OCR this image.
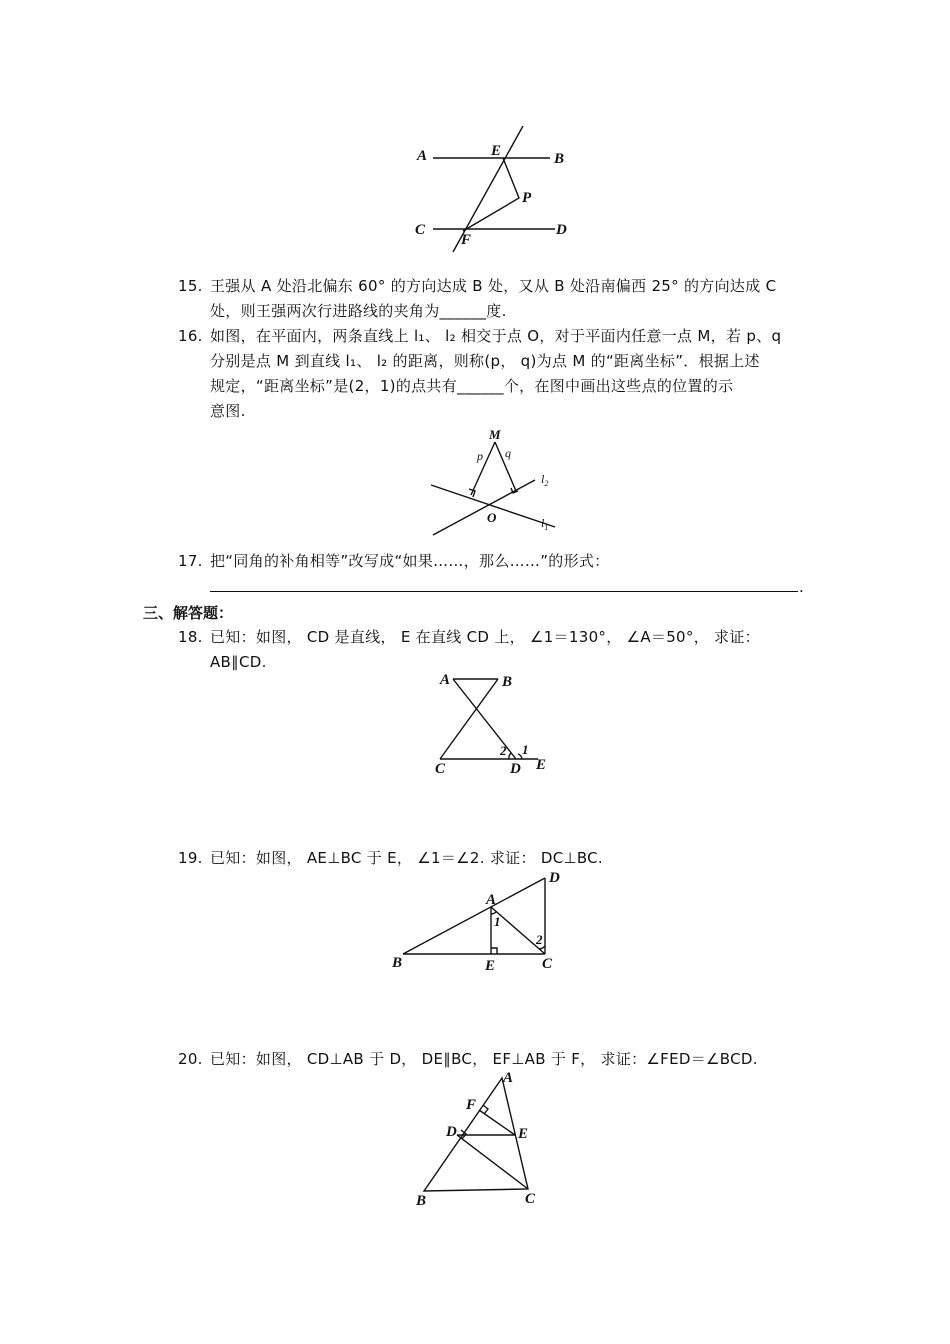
A	E	B
P
C
F
D
15. 王强从 A 处沿北偏东 60° 的方向达成 B 处，又从 B 处沿南偏西 25° 的方向达成 C
处，则王强两次行进路线的夹角为______度.
16. 如图，在平面内，两条直线上 l₁、 l₂ 相交于点 O，对于平面内任意一点 M，若 p、q
分别是点 M 到直线 l₁、 l₂ 的距离，则称(p， q)为点 M 的“距离坐标”．根据上述
规定，“距离坐标”是(2，1)的点共有______个，在图中画出这些点的位置的示
意图.
M
p q
$l_2$
O	$l_1$
17. 把“同角的补角相等”改写成“如果……，那么……”的形式：
.
三、解答题：
18. 已知：如图， CD 是直线， E 在直线 CD 上， ∠1＝130°， ∠A＝50°， 求证：
AB∥CD.
A	B
C	D E
1
2
19. 已知：如图， AE⊥BC 于 E， ∠1＝∠2. 求证： DC⊥BC.
A
B	E	C
D
1
2
20. 已知：如图， CD⊥AB 于 D， DE∥BC， EF⊥AB 于 F， 求证：∠FED＝∠BCD.
A
F
D	E
B	C
